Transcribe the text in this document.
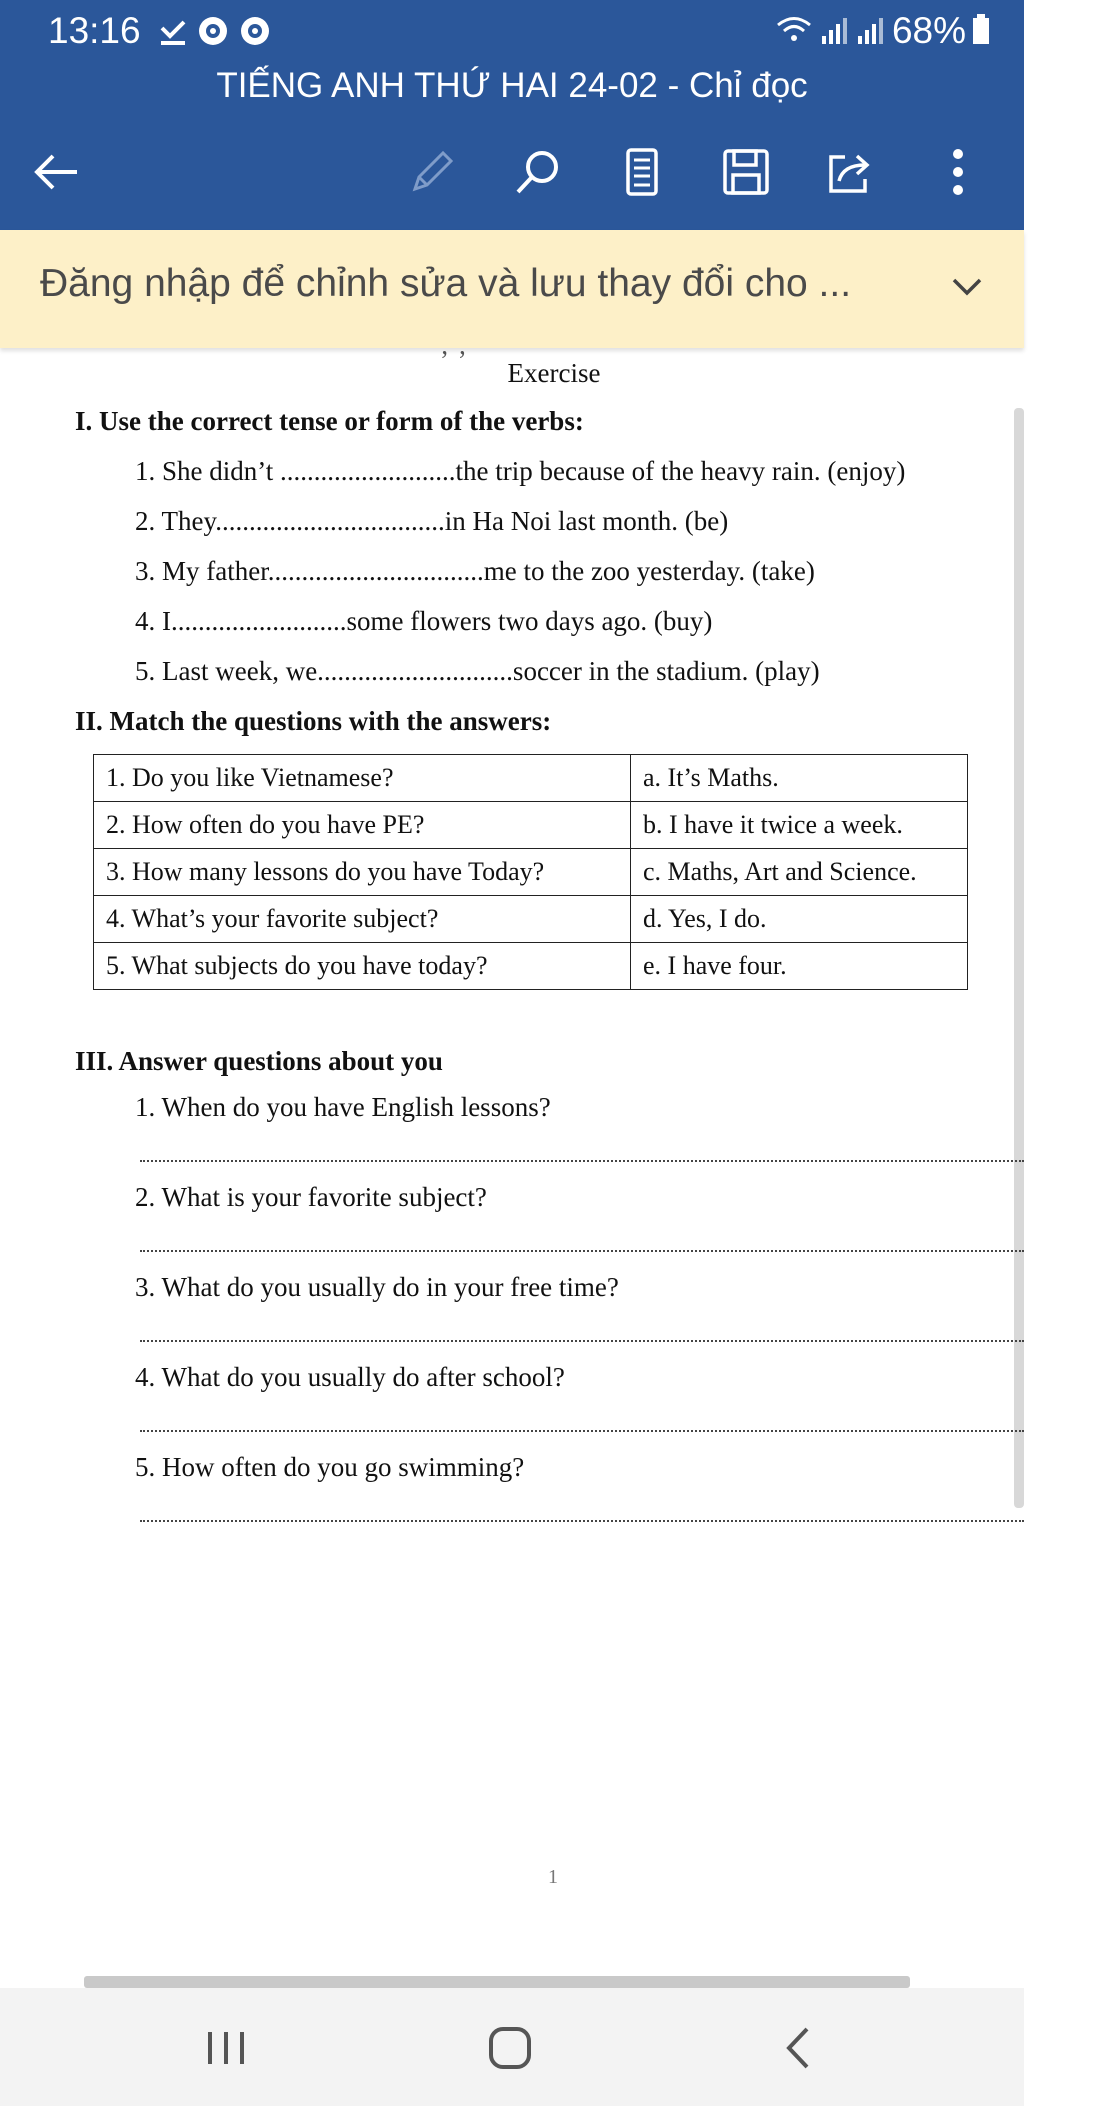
13:16	68%
TIẾNG ANH THỨ HAI 24-02 - Chỉ đọc
Đăng nhập để chỉnh sửa và lưu thay đổi cho ...
Exercise
I. Use the correct tense or form of the verbs:
1. She didn’t ..........................the trip because of the heavy rain. (enjoy)
2. They..................................in Ha Noi last month. (be)
3. My father................................me to the zoo yesterday. (take)
4. I..........................some flowers two days ago. (buy)
5. Last week, we.............................soccer in the stadium. (play)
II. Match the questions with the answers:
1. Do you like Vietnamese?	a. It’s Maths.
2. How often do you have PE?	b. I have it twice a week.
3. How many lessons do you have Today?	c. Maths, Art and Science.
4. What’s your favorite subject?	d. Yes, I do.
5. What subjects do you have today?	e. I have four.
III. Answer questions about you
1. When do you have English lessons?
2. What is your favorite subject?
3. What do you usually do in your free time?
4. What do you usually do after school?
5. How often do you go swimming?
1
